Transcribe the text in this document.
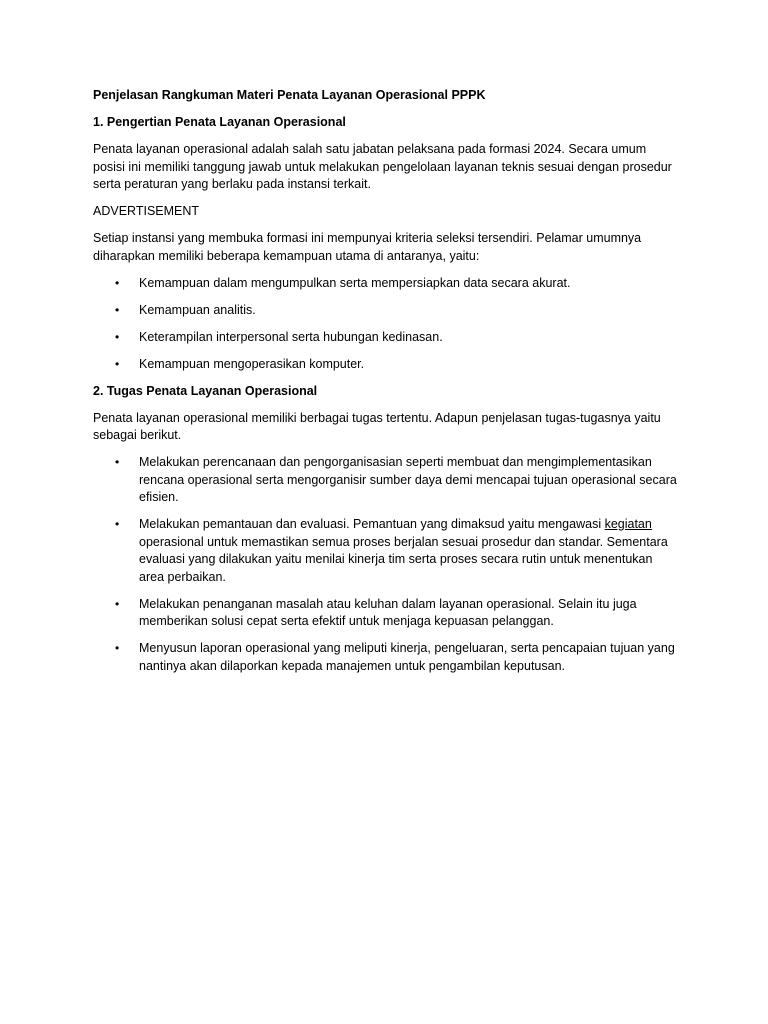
Penjelasan Rangkuman Materi Penata Layanan Operasional PPPK

1. Pengertian Penata Layanan Operasional

Penata layanan operasional adalah salah satu jabatan pelaksana pada formasi 2024. Secara umum posisi ini memiliki tanggung jawab untuk melakukan pengelolaan layanan teknis sesuai dengan prosedur serta peraturan yang berlaku pada instansi terkait.

ADVERTISEMENT

Setiap instansi yang membuka formasi ini mempunyai kriteria seleksi tersendiri. Pelamar umumnya diharapkan memiliki beberapa kemampuan utama di antaranya, yaitu:

• Kemampuan dalam mengumpulkan serta mempersiapkan data secara akurat.
• Kemampuan analitis.
• Keterampilan interpersonal serta hubungan kedinasan.
• Kemampuan mengoperasikan komputer.

2. Tugas Penata Layanan Operasional

Penata layanan operasional memiliki berbagai tugas tertentu. Adapun penjelasan tugas-tugasnya yaitu sebagai berikut.

• Melakukan perencanaan dan pengorganisasian seperti membuat dan mengimplementasikan rencana operasional serta mengorganisir sumber daya demi mencapai tujuan operasional secara efisien.
• Melakukan pemantauan dan evaluasi. Pemantuan yang dimaksud yaitu mengawasi kegiatan operasional untuk memastikan semua proses berjalan sesuai prosedur dan standar. Sementara evaluasi yang dilakukan yaitu menilai kinerja tim serta proses secara rutin untuk menentukan area perbaikan.
• Melakukan penanganan masalah atau keluhan dalam layanan operasional. Selain itu juga memberikan solusi cepat serta efektif untuk menjaga kepuasan pelanggan.
• Menyusun laporan operasional yang meliputi kinerja, pengeluaran, serta pencapaian tujuan yang nantinya akan dilaporkan kepada manajemen untuk pengambilan keputusan.
